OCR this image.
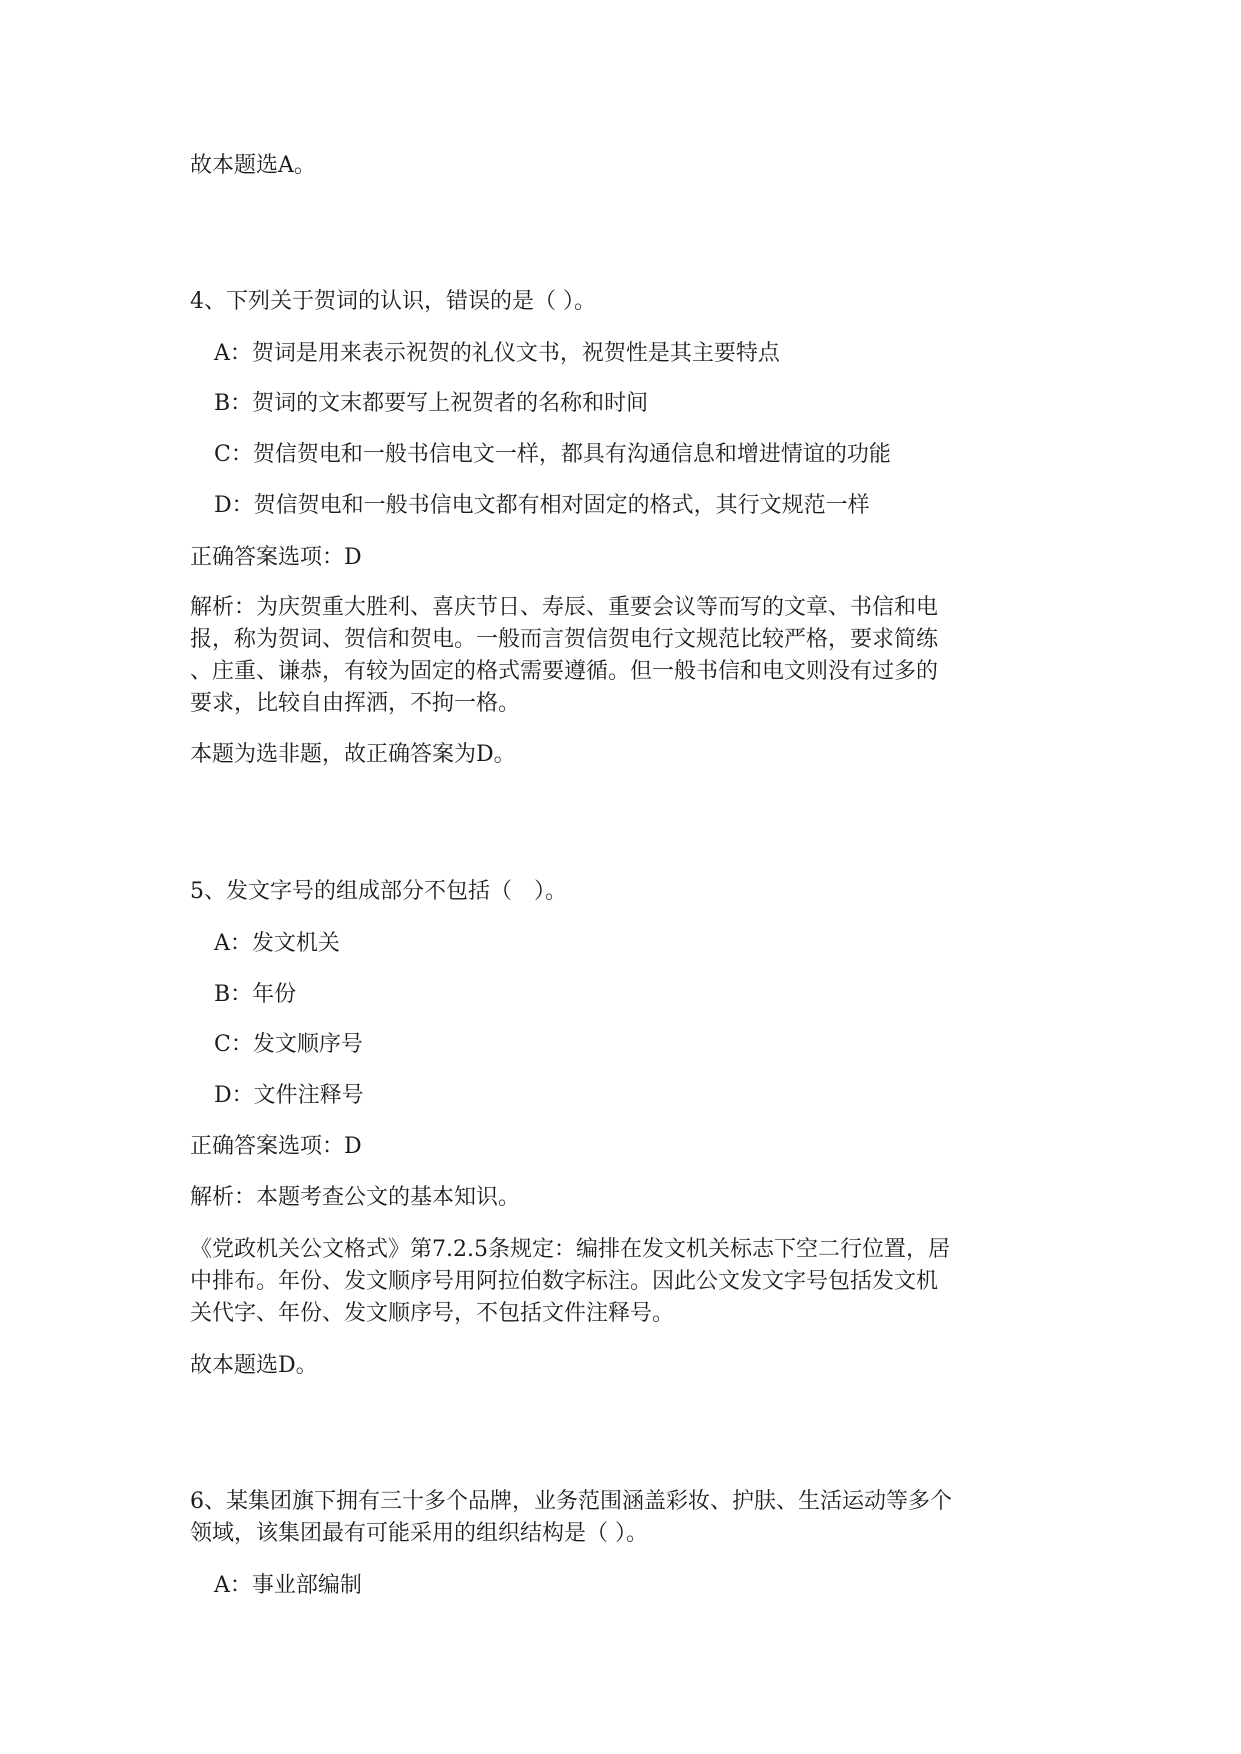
故本题选A。
4、下列关于贺词的认识，错误的是（ ）。
A：贺词是用来表示祝贺的礼仪文书，祝贺性是其主要特点
B：贺词的文末都要写上祝贺者的名称和时间
C：贺信贺电和一般书信电文一样，都具有沟通信息和增进情谊的功能
D：贺信贺电和一般书信电文都有相对固定的格式，其行文规范一样
正确答案选项：D
解析：为庆贺重大胜利、喜庆节日、寿辰、重要会议等而写的文章、书信和电
报，称为贺词、贺信和贺电。一般而言贺信贺电行文规范比较严格，要求简练
、庄重、谦恭，有较为固定的格式需要遵循。但一般书信和电文则没有过多的
要求，比较自由挥洒，不拘一格。
本题为选非题，故正确答案为D。
5、发文字号的组成部分不包括（　）。
A：发文机关
B：年份
C：发文顺序号
D：文件注释号
正确答案选项：D
解析：本题考查公文的基本知识。
《党政机关公文格式》第7.2.5条规定：编排在发文机关标志下空二行位置，居
中排布。年份、发文顺序号用阿拉伯数字标注。因此公文发文字号包括发文机
关代字、年份、发文顺序号，不包括文件注释号。
故本题选D。
6、某集团旗下拥有三十多个品牌，业务范围涵盖彩妆、护肤、生活运动等多个
领域，该集团最有可能采用的组织结构是（ ）。
A：事业部编制
